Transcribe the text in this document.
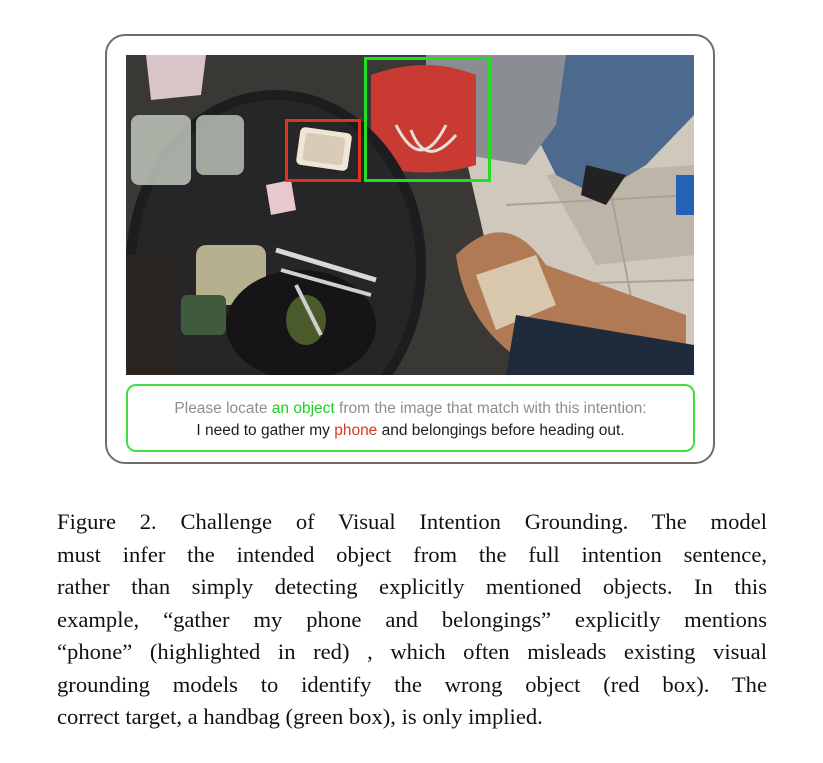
Please locate an object from the image that match with this intention:
I need to gather my phone and belongings before heading out.
Figure 2. Challenge of Visual Intention Grounding. The model
must infer the intended object from the full intention sentence,
rather than simply detecting explicitly mentioned objects. In this
example, “gather my phone and belongings” explicitly mentions
“phone” (highlighted in red) , which often misleads existing visual
grounding models to identify the wrong object (red box). The
correct target, a handbag (green box), is only implied.
